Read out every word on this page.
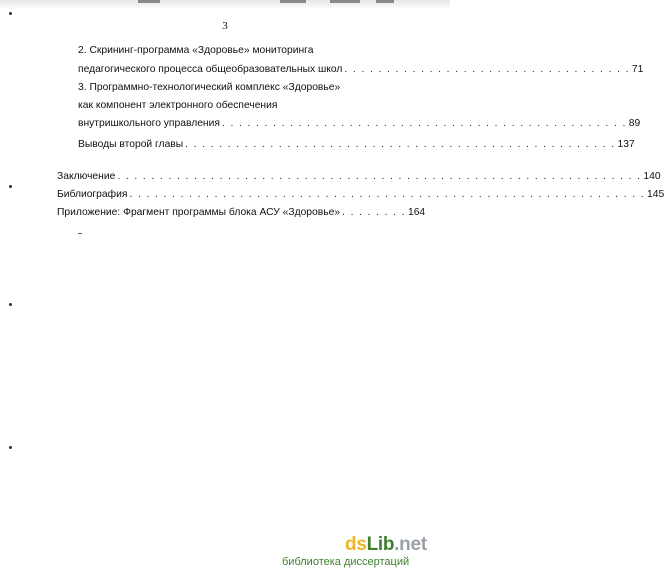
3
2. Скрининг-программа «Здоровье» мониторинга
педагогического процесса общеобразовательных школ . . . . . . . . . . . . . . . . . . . . . . . . . . . . . . . . . . 71
3. Программно-технологический комплекс «Здоровье»
как компонент электронного обеспечения
внутришкольного управления . . . . . . . . . . . . . . . . . . . . . . . . . . . . . . . . . . . . . . . . . . . . . . . . 89
Выводы второй главы . . . . . . . . . . . . . . . . . . . . . . . . . . . . . . . . . . . . . . . . . . . . . . . . . . . 137
Заключение . . . . . . . . . . . . . . . . . . . . . . . . . . . . . . . . . . . . . . . . . . . . . . . . . . . . . . . . . . . . . . 140
Библиография . . . . . . . . . . . . . . . . . . . . . . . . . . . . . . . . . . . . . . . . . . . . . . . . . . . . . . . . . . . . . 145
Приложение: Фрагмент программы блока АСУ «Здоровье» . . . . . . . . 164
dsLib.net
библиотека диссертаций
